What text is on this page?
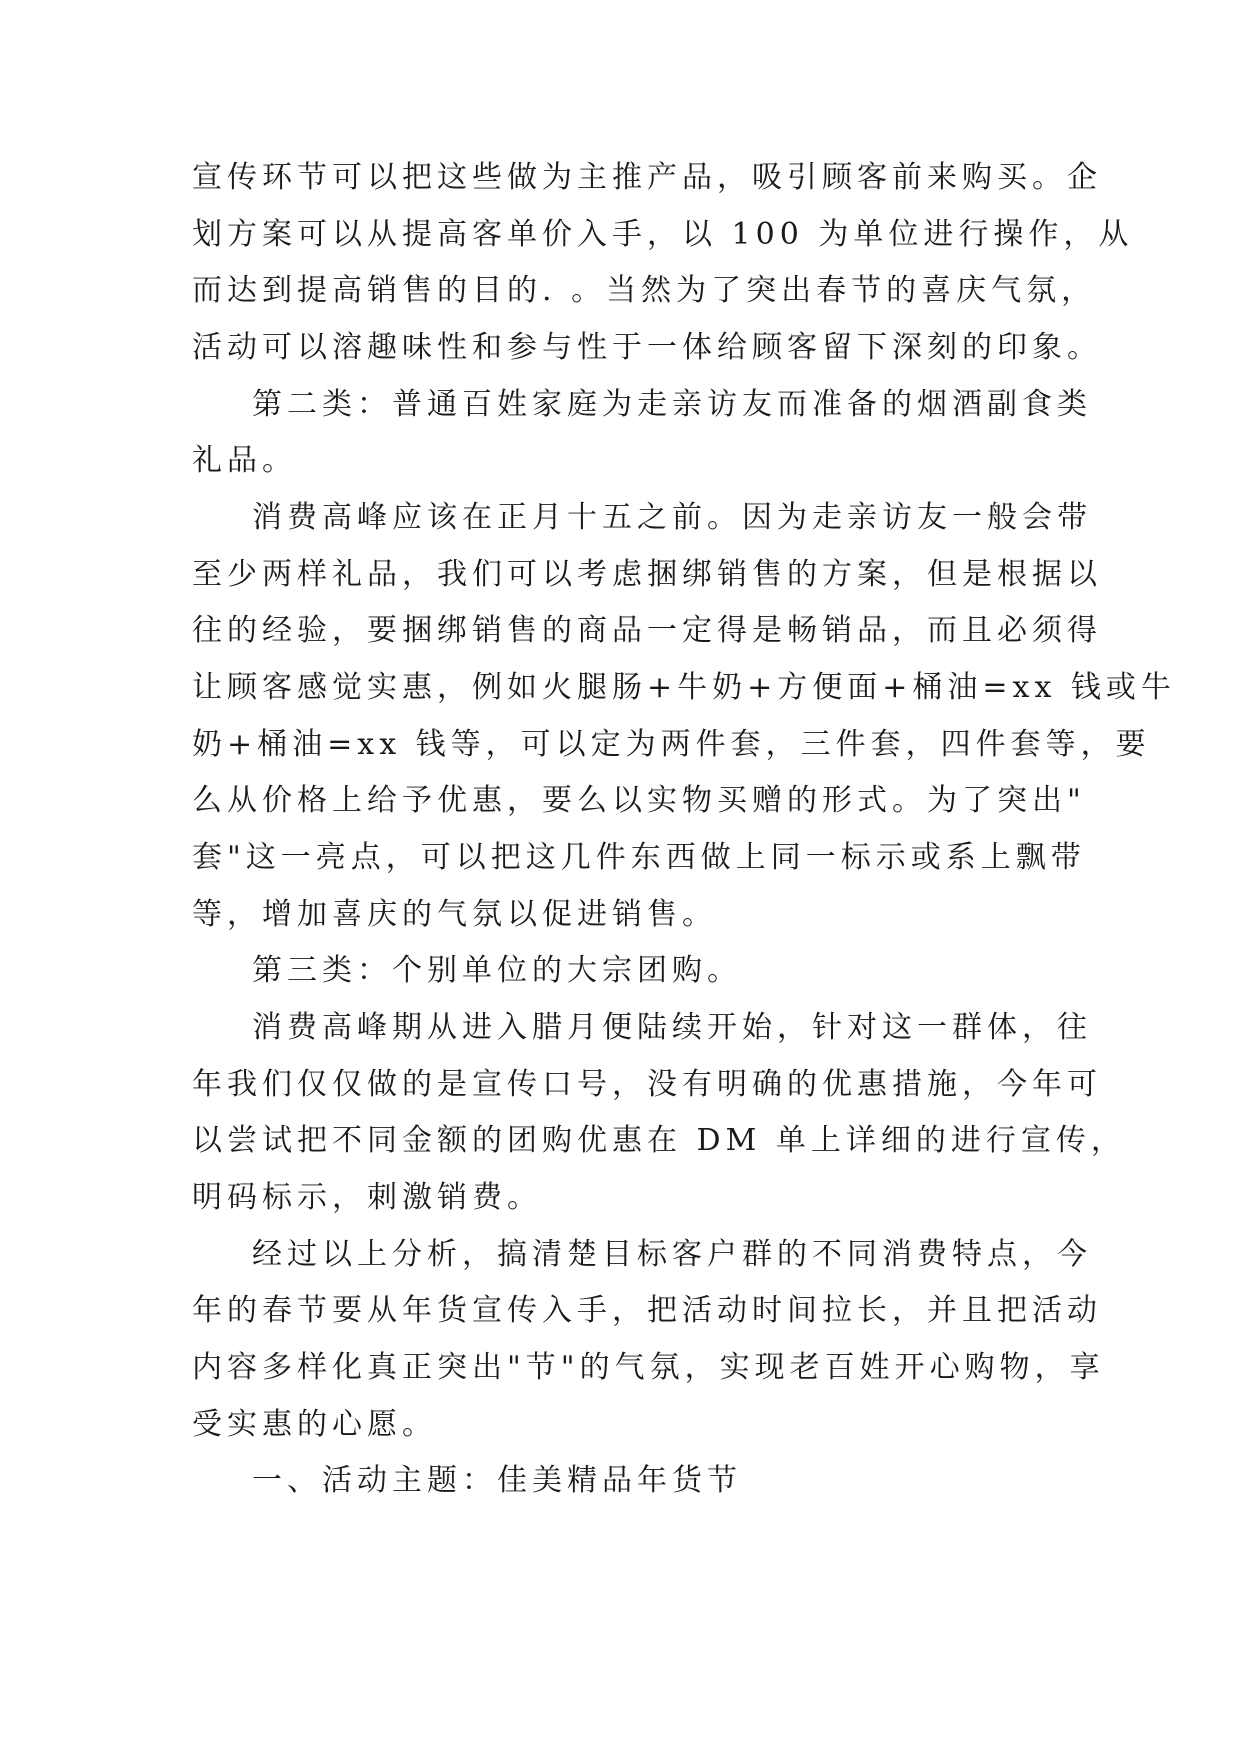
宣传环节可以把这些做为主推产品，吸引顾客前来购买。企
划方案可以从提高客单价入手，以 100 为单位进行操作，从
而达到提高销售的目的. 。当然为了突出春节的喜庆气氛，
活动可以溶趣味性和参与性于一体给顾客留下深刻的印象。
第二类：普通百姓家庭为走亲访友而准备的烟酒副食类
礼品。
消费高峰应该在正月十五之前。因为走亲访友一般会带
至少两样礼品，我们可以考虑捆绑销售的方案，但是根据以
往的经验，要捆绑销售的商品一定得是畅销品，而且必须得
让顾客感觉实惠，例如火腿肠+牛奶+方便面+桶油=xx 钱或牛
奶+桶油=xx 钱等，可以定为两件套，三件套，四件套等，要
么从价格上给予优惠，要么以实物买赠的形式。为了突出"
套"这一亮点，可以把这几件东西做上同一标示或系上飘带
等，增加喜庆的气氛以促进销售。
第三类：个别单位的大宗团购。
消费高峰期从进入腊月便陆续开始，针对这一群体，往
年我们仅仅做的是宣传口号，没有明确的优惠措施，今年可
以尝试把不同金额的团购优惠在 DM 单上详细的进行宣传，
明码标示，刺激销费。
经过以上分析，搞清楚目标客户群的不同消费特点，今
年的春节要从年货宣传入手，把活动时间拉长，并且把活动
内容多样化真正突出"节"的气氛，实现老百姓开心购物，享
受实惠的心愿。
一、活动主题：佳美精品年货节
